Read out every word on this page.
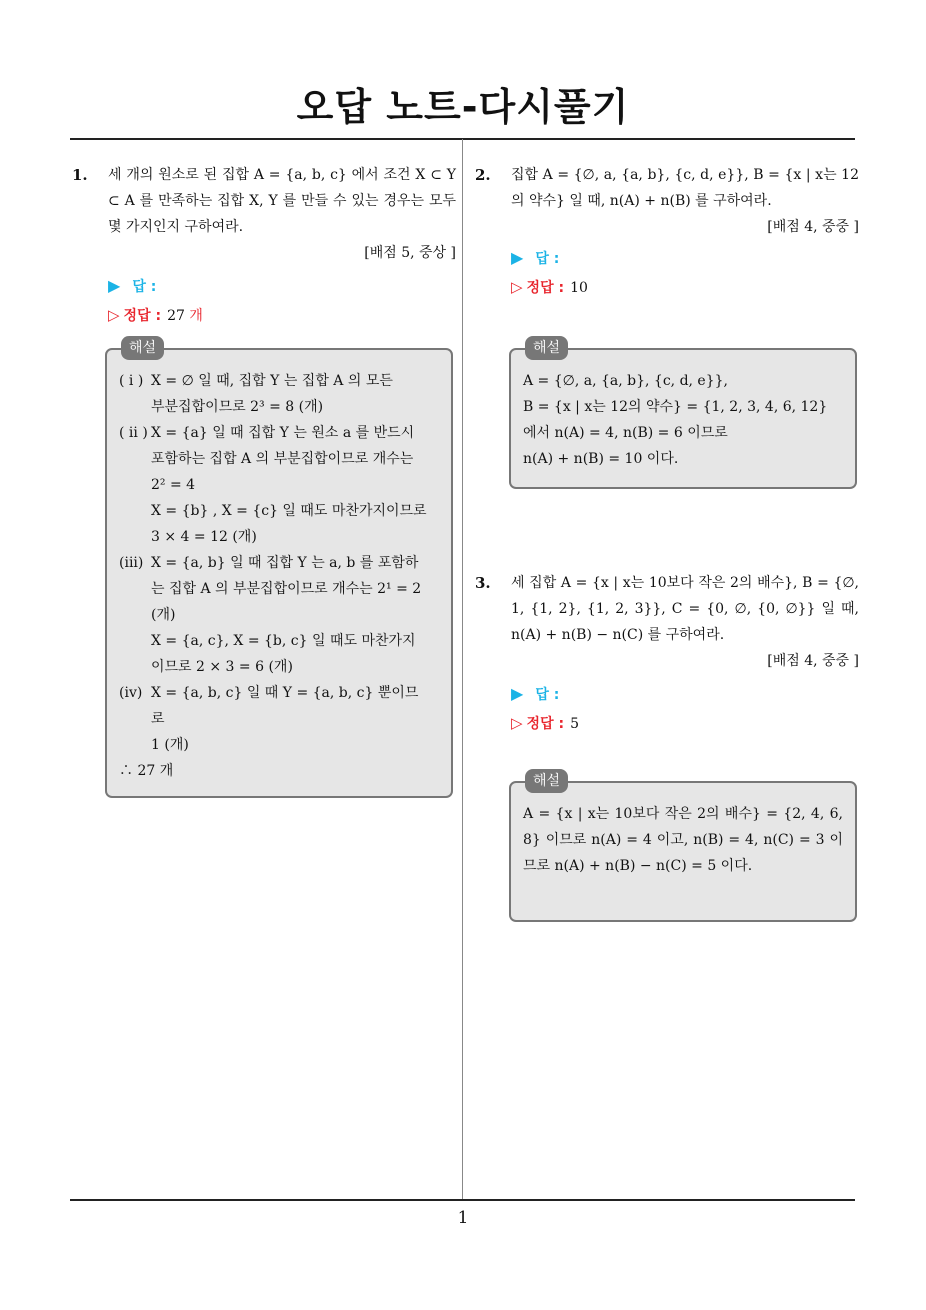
오답 노트-다시풀기
1. 세 개의 원소로 된 집합 A = {a, b, c} 에서 조건 X ⊂ Y ⊂ A 를 만족하는 집합 X, Y 를 만들 수 있는 경우는 모두 몇 가지인지 구하여라.
[배점 5, 중상 ]
▶ 답 :
▷ 정답 : 27 개
해설
( i ) X = ∅ 일 때, 집합 Y 는 집합 A 의 모든
부분집합이므로 2³ = 8 (개)
( ii ) X = {a} 일 때 집합 Y 는 원소 a 를 반드시
포함하는 집합 A 의 부분집합이므로 개수는
2² = 4
X = {b} , X = {c} 일 때도 마찬가지이므로
3 × 4 = 12 (개)
(iii) X = {a, b} 일 때 집합 Y 는 a, b 를 포함하
는 집합 A 의 부분집합이므로 개수는 2¹ = 2
(개)
X = {a, c}, X = {b, c} 일 때도 마찬가지
이므로 2 × 3 = 6 (개)
(iv) X = {a, b, c} 일 때 Y = {a, b, c} 뿐이므
로
1 (개)
∴ 27 개
2. 집합 A = {∅, a, {a, b}, {c, d, e}}, B = {x | x는 12의 약수} 일 때, n(A) + n(B) 를 구하여라.
[배점 4, 중중 ]
▶ 답 :
▷ 정답 : 10
해설
A = {∅, a, {a, b}, {c, d, e}},
B = {x | x는 12의 약수} = {1, 2, 3, 4, 6, 12}
에서 n(A) = 4, n(B) = 6 이므로
n(A) + n(B) = 10 이다.
3. 세 집합 A = {x | x는 10보다 작은 2의 배수}, B = {∅, 1, {1, 2}, {1, 2, 3}}, C = {0, ∅, {0, ∅}} 일 때, n(A) + n(B) − n(C) 를 구하여라.
[배점 4, 중중 ]
▶ 답 :
▷ 정답 : 5
해설
A = {x | x는 10보다 작은 2의 배수} = {2, 4, 6, 8} 이므로 n(A) = 4 이고, n(B) = 4, n(C) = 3 이므로 n(A) + n(B) − n(C) = 5 이다.
1
